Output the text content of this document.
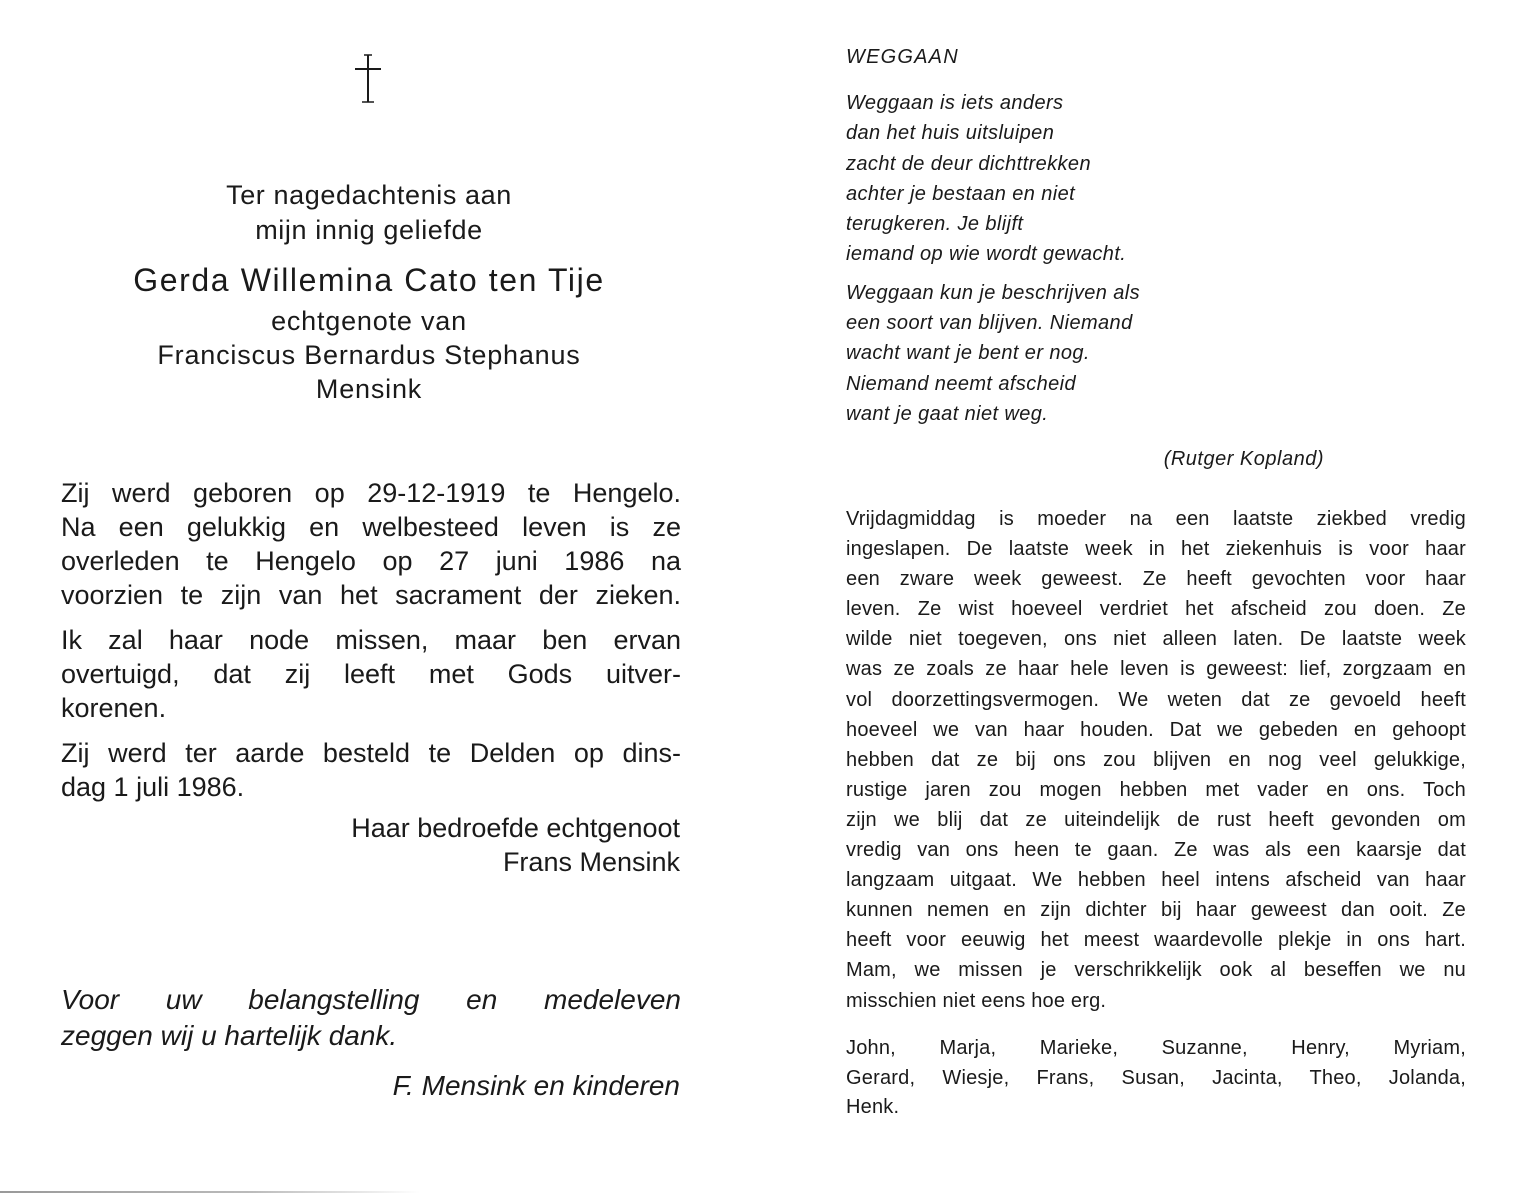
Ter nagedachtenis aan
mijn innig geliefde
Gerda Willemina Cato ten Tije
echtgenote van
Franciscus Bernardus Stephanus
Mensink

Zij werd geboren op 29-12-1919 te Hengelo.
Na een gelukkig en welbesteed leven is ze
overleden te Hengelo op 27 juni 1986 na
voorzien te zijn van het sacrament der zieken.

Ik zal haar node missen, maar ben ervan
overtuigd, dat zij leeft met Gods uitver-
korenen.

Zij werd ter aarde besteld te Delden op dins-
dag 1 juli 1986.

Haar bedroefde echtgenoot
Frans Mensink
Voor uw belangstelling en medeleven
zeggen wij u hartelijk dank.
F. Mensink en kinderen
WEGGAAN
Weggaan is iets anders
dan het huis uitsluipen
zacht de deur dichttrekken
achter je bestaan en niet
terugkeren. Je blijft
iemand op wie wordt gewacht.
Weggaan kun je beschrijven als
een soort van blijven. Niemand
wacht want je bent er nog.
Niemand neemt afscheid
want je gaat niet weg.
(Rutger Kopland)
Vrijdagmiddag is moeder na een laatste ziekbed vredig
ingeslapen. De laatste week in het ziekenhuis is voor haar
een zware week geweest. Ze heeft gevochten voor haar
leven. Ze wist hoeveel verdriet het afscheid zou doen. Ze
wilde niet toegeven, ons niet alleen laten. De laatste week
was ze zoals ze haar hele leven is geweest: lief, zorgzaam en
vol doorzettingsvermogen. We weten dat ze gevoeld heeft
hoeveel we van haar houden. Dat we gebeden en gehoopt
hebben dat ze bij ons zou blijven en nog veel gelukkige,
rustige jaren zou mogen hebben met vader en ons. Toch
zijn we blij dat ze uiteindelijk de rust heeft gevonden om
vredig van ons heen te gaan. Ze was als een kaarsje dat
langzaam uitgaat. We hebben heel intens afscheid van haar
kunnen nemen en zijn dichter bij haar geweest dan ooit. Ze
heeft voor eeuwig het meest waardevolle plekje in ons hart.
Mam, we missen je verschrikkelijk ook al beseffen we nu
misschien niet eens hoe erg.
John, Marja, Marieke, Suzanne, Henry, Myriam,
Gerard, Wiesje, Frans, Susan, Jacinta, Theo, Jolanda,
Henk.
